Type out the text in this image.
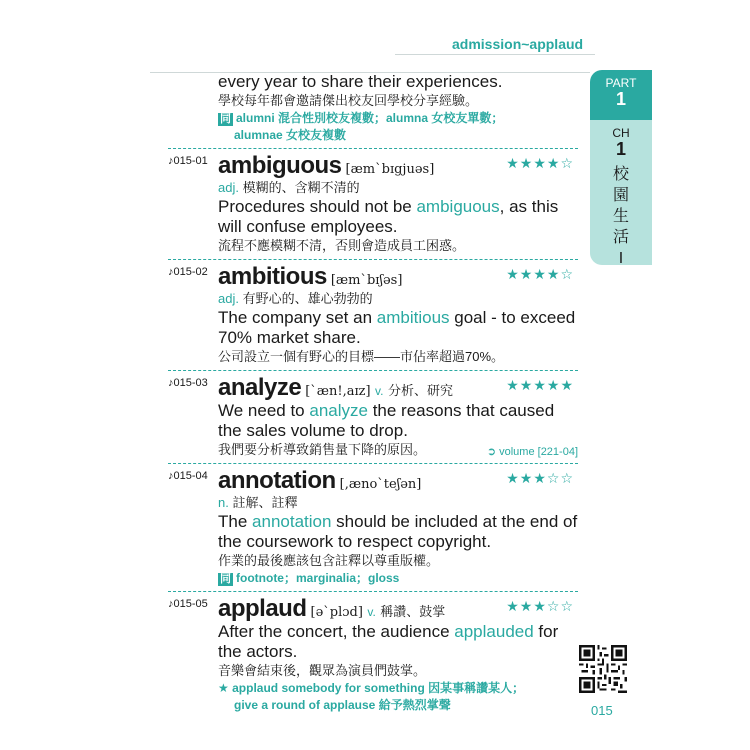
admission~applaud
PART
1
CH
1
校
園
生
活
I
every year to share their experiences.
學校每年都會邀請傑出校友回學校分享經驗。
同 alumni 混合性別校友複數；alumna 女校友單數；
alumnae 女校友複數
♪015-01 ambiguous [æm`bɪgjuəs]	★★★★☆
adj. 模糊的、含糊不清的
Procedures should not be ambiguous, as this will confuse employees.
流程不應模糊不清，否則會造成員工困惑。
♪015-02 ambitious [æm`bɪʃəs]	★★★★☆
adj. 有野心的、雄心勃勃的
The company set an ambitious goal - to exceed 70% market share.
公司設立一個有野心的目標——市佔率超過70%。
♪015-03 analyze [`æn!,aɪz] v. 分析、研究	★★★★★
We need to analyze the reasons that caused the sales volume to drop.
我們要分析導致銷售量下降的原因。	➲ volume [221-04]
♪015-04 annotation [,æno`teʃən]	★★★☆☆
n. 註解、註釋
The annotation should be included at the end of the coursework to respect copyright.
作業的最後應該包含註釋以尊重版權。
同 footnote；marginalia；gloss
♪015-05 applaud [ə`plɔd] v. 稱讚、鼓掌	★★★☆☆
After the concert, the audience applauded for the actors.
音樂會結束後，觀眾為演員們鼓掌。
★ applaud somebody for something 因某事稱讚某人；
give a round of applause 給予熱烈掌聲	015
